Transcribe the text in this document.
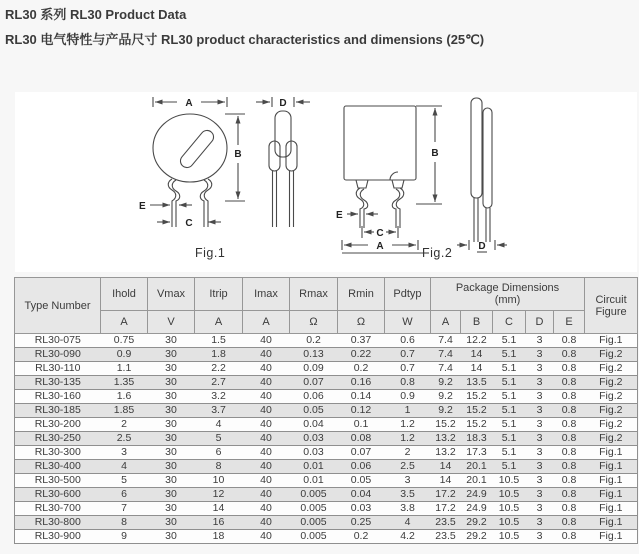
RL30 系列 RL30 Product Data
RL30 电气特性与产品尺寸 RL30 product characteristics and dimensions (25℃)
A
B
E
C
D
B
E
C
A	D
Fig.1	Fig.2
Type Number	Ihold	Vmax	Itrip	Imax	Rmax	Rmin	Pdtyp	Package Dimensions
(mm)	Circuit
Figure

	A	V	A	A	Ω	Ω	W	A	B	C	D	E	
RL30-075	0.75	30	1.5	40	0.2	0.37	0.6	7.4	12.2	5.1	3	0.8	Fig.1
RL30-090	0.9	30	1.8	40	0.13	0.22	0.7	7.4	14	5.1	3	0.8	Fig.2
RL30-110	1.1	30	2.2	40	0.09	0.2	0.7	7.4	14	5.1	3	0.8	Fig.2
RL30-135	1.35	30	2.7	40	0.07	0.16	0.8	9.2	13.5	5.1	3	0.8	Fig.2
RL30-160	1.6	30	3.2	40	0.06	0.14	0.9	9.2	15.2	5.1	3	0.8	Fig.2
RL30-185	1.85	30	3.7	40	0.05	0.12	1	9.2	15.2	5.1	3	0.8	Fig.2
RL30-200	2	30	4	40	0.04	0.1	1.2	15.2	15.2	5.1	3	0.8	Fig.2
RL30-250	2.5	30	5	40	0.03	0.08	1.2	13.2	18.3	5.1	3	0.8	Fig.2
RL30-300	3	30	6	40	0.03	0.07	2	13.2	17.3	5.1	3	0.8	Fig.1
RL30-400	4	30	8	40	0.01	0.06	2.5	14	20.1	5.1	3	0.8	Fig.1
RL30-500	5	30	10	40	0.01	0.05	3	14	20.1	10.5	3	0.8	Fig.1
RL30-600	6	30	12	40	0.005	0.04	3.5	17.2	24.9	10.5	3	0.8	Fig.1
RL30-700	7	30	14	40	0.005	0.03	3.8	17.2	24.9	10.5	3	0.8	Fig.1
RL30-800	8	30	16	40	0.005	0.25	4	23.5	29.2	10.5	3	0.8	Fig.1
RL30-900	9	30	18	40	0.005	0.2	4.2	23.5	29.2	10.5	3	0.8	Fig.1
